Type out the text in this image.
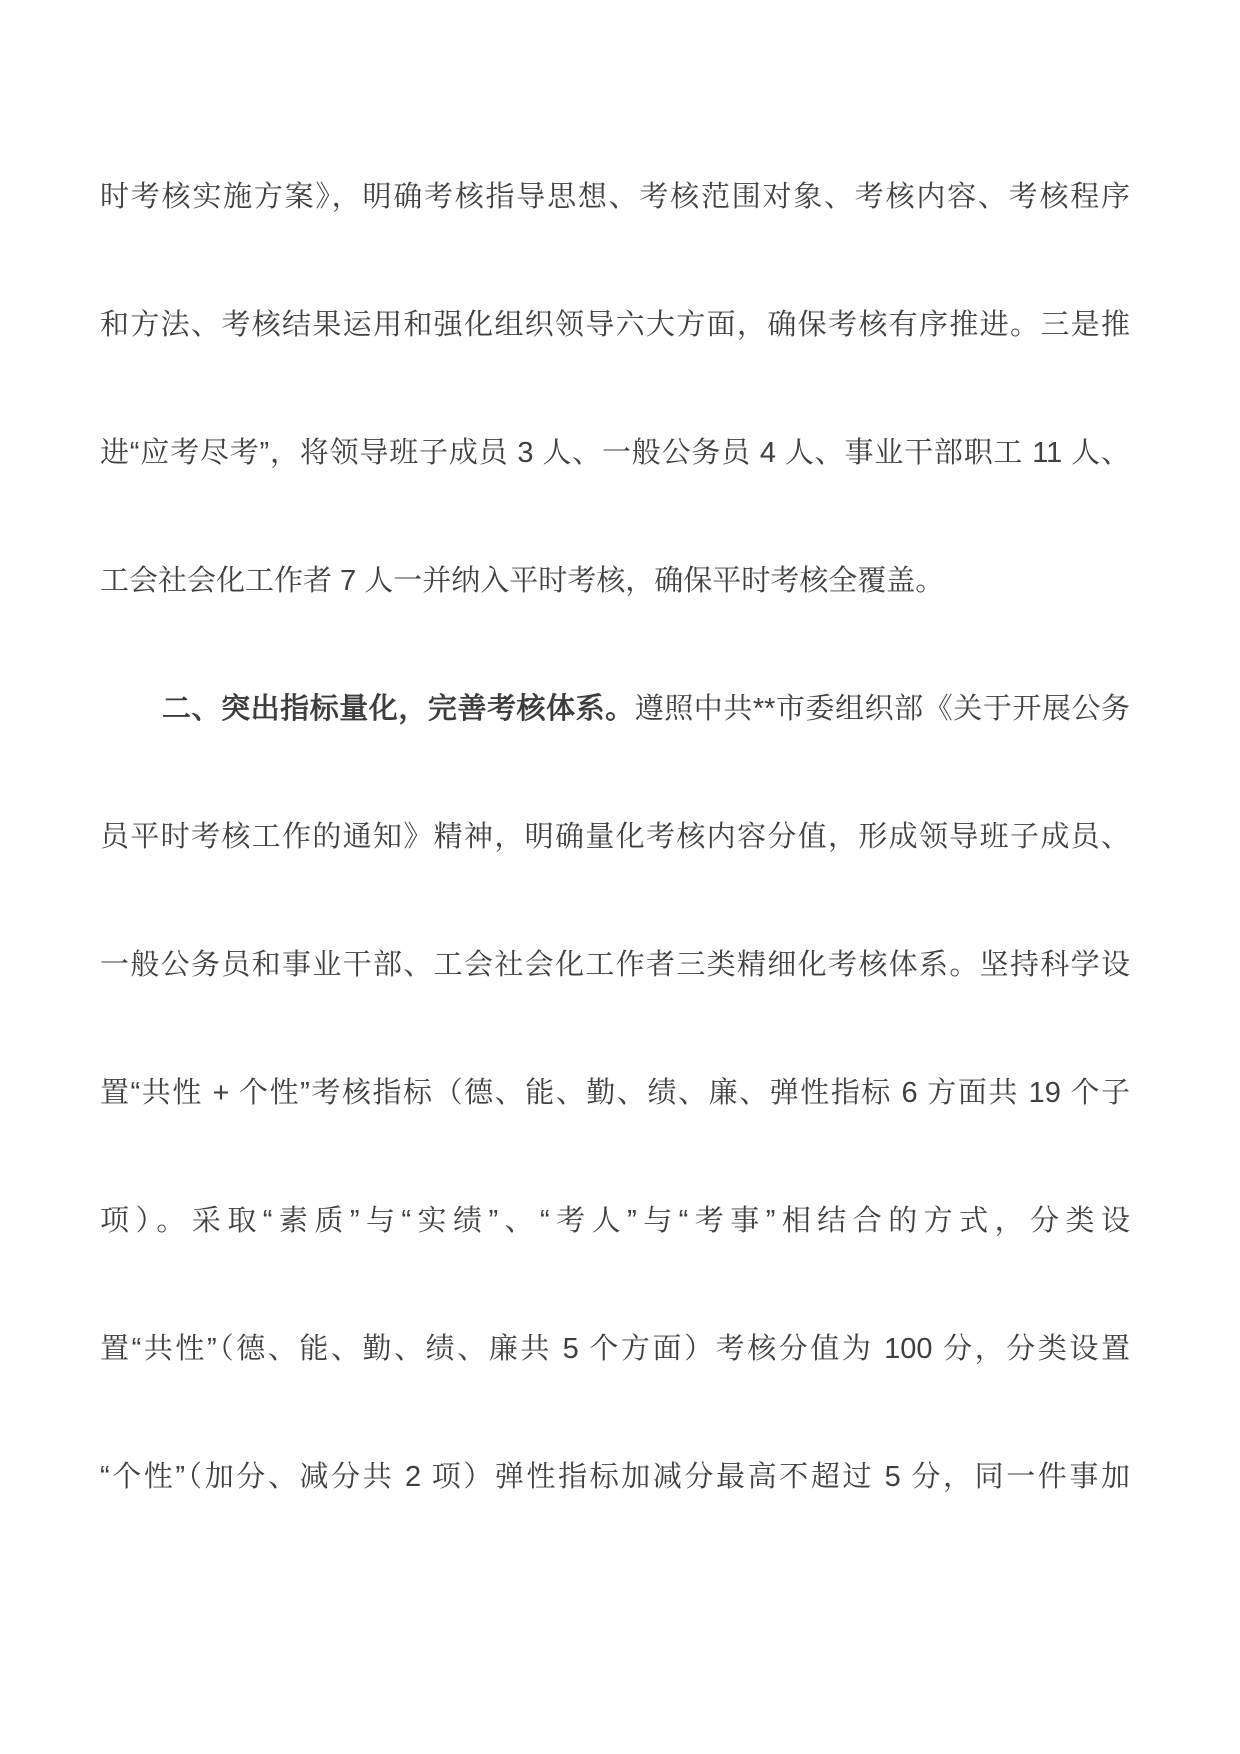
时考核实施方案》，明确考核指导思想、考核范围对象、考核内容、考核程序
和方法、考核结果运用和强化组织领导六大方面，确保考核有序推进。三是推
进“应考尽考”，将领导班子成员 3 人、一般公务员 4 人、事业干部职工 11 人、
工会社会化工作者 7 人一并纳入平时考核，确保平时考核全覆盖。
二、突出指标量化，完善考核体系。遵照中共**市委组织部《关于开展公务
员平时考核工作的通知》精神，明确量化考核内容分值，形成领导班子成员、
一般公务员和事业干部、工会社会化工作者三类精细化考核体系。坚持科学设
置“共性 + 个性”考核指标（德、能、勤、绩、廉、弹性指标 6 方面共 19 个子
项）。采取“素质”与“实绩”、“考人”与“考事”相结合的方式，分类设
置“共性”（德、能、勤、绩、廉共 5 个方面）考核分值为 100 分，分类设置
“个性”（加分、减分共 2 项）弹性指标加减分最高不超过 5 分，同一件事加
